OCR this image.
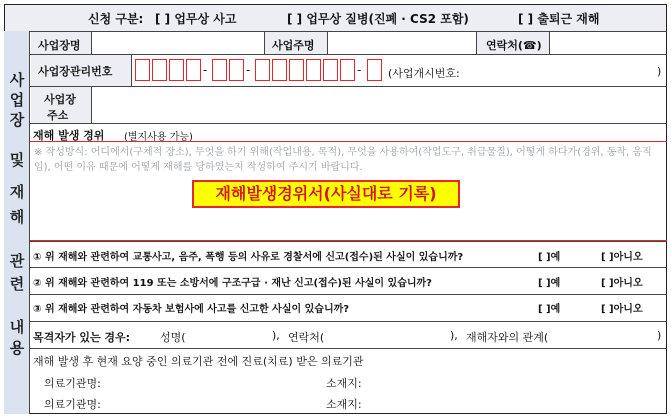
신청 구분: [ ] 업무상 사고	[ ] 업무상 질병(진폐 · CS2 포함)	[ ] 출퇴근 재해
사
업
장
및
재
해
관
련
내
용
사업장명	사업주명	연락처(☎)
사업장관리번호	-	-	- (사업개시번호:	)
사업장
주소
재해 발생 경위 (별지사용 가능)
※ 작성방식: 어디에서(구체적 장소), 무엇을 하기 위해(작업내용, 목적), 무엇을 사용하여(작업도구, 취급물질), 어떻게 하다가(경위, 동작, 움직임), 어떤 이유 때문에 어떻게 재해를 당하였는지 작성하여 주시기 바랍니다.
재해발생경위서(사실대로 기록)
① 위 재해와 관련하여 교통사고, 음주, 폭행 등의 사유로 경찰서에 신고(접수)된 사실이 있습니까?	[ ]예	[ ]아니오
② 위 재해와 관련하여 119 또는 소방서에 구조구급 · 재난 신고(접수)된 사실이 있습니까?	[ ]예	[ ]아니오
③ 위 재해와 관련하여 자동차 보험사에 사고를 신고한 사실이 있습니까?	[ ]예	[ ]아니오
목격자가 있는 경우:	성명(	), 연락처(	), 재해자와의 관계(	)
재해 발생 후 현재 요양 중인 의료기관 전에 진료(치료) 받은 의료기관
의료기관명:	소재지:
의료기관명:	소재지:
